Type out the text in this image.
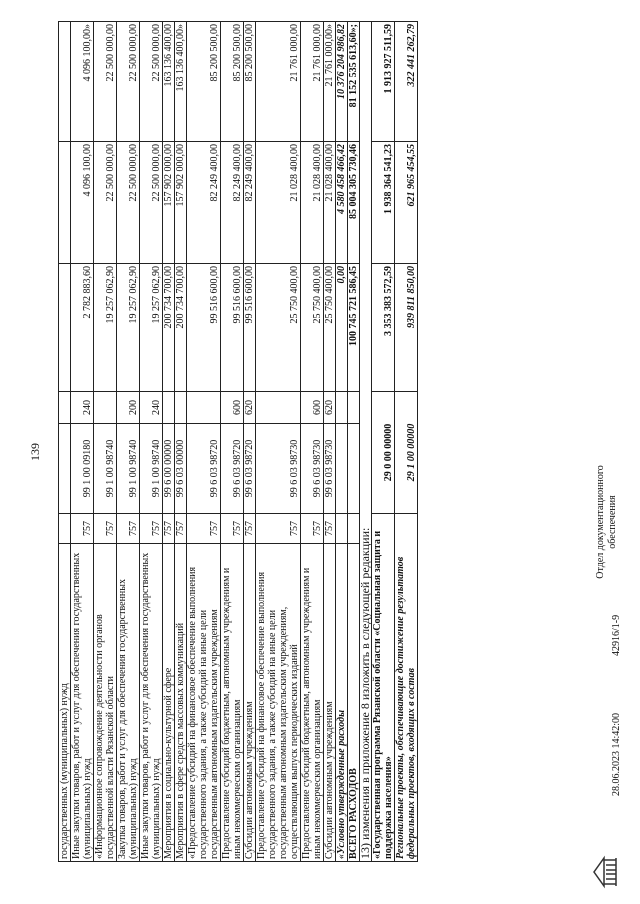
139
государственных (муниципальных) нужд						
Иные закупки товаров, работ и услуг для обеспечения государственных (муниципальных) нужд	757	99 1 00 09180	240	2 782 883,60	4 096 100,00	4 096 100,00»
«Информационное сопровождение деятельности органов государственной власти Рязанской области	757	99 1 00 98740		19 257 062,90	22 500 000,00	22 500 000,00
Закупка товаров, работ и услуг для обеспечения государственных (муниципальных) нужд	757	99 1 00 98740	200	19 257 062,90	22 500 000,00	22 500 000,00
Иные закупки товаров, работ и услуг для обеспечения государственных (муниципальных) нужд	757	99 1 00 98740	240	19 257 062,90	22 500 000,00	22 500 000,00
Мероприятия в социально-культурной сфере	757	99 6 00 00000		200 734 700,00	157 902 000,00	163 136 400,00
Мероприятия в сфере средств массовых коммуникаций	757	99 6 03 00000		200 734 700,00	157 902 000,00	163 136 400,00»
«Предоставление субсидий на финансовое обеспечение выполнения государственного задания, а также субсидий на иные цели государственным автономным издательским учреждениям	757	99 6 03 98720		99 516 600,00	82 249 400,00	85 200 500,00
Предоставление субсидий бюджетным, автономным учреждениям и иным некоммерческим организациям	757	99 6 03 98720	600	99 516 600,00	82 249 400,00	85 200 500,00
Субсидии автономным учреждениям	757	99 6 03 98720	620	99 516 600,00	82 249 400,00	85 200 500,00
Предоставление субсидий на финансовое обеспечение выполнения государственного задания, а также субсидий на иные цели государственным автономным издательским учреждениям, осуществляющим выпуск периодических изданий	757	99 6 03 98730		25 750 400,00	21 028 400,00	21 761 000,00
Предоставление субсидий бюджетным, автономным учреждениям и иным некоммерческим организациям	757	99 6 03 98730	600	25 750 400,00	21 028 400,00	21 761 000,00
Субсидии автономным учреждениям	757	99 6 03 98730	620	25 750 400,00	21 028 400,00	21 761 000,00»
«Условно утвержденные расходы				0,00	4 580 458 466,42	10 376 204 986,82
ВСЕГО РАСХОДОВ				100 745 721 586,45	85 004 305 730,46	81 152 535 613,60»;
13) изменения в приложение 8 изложить в следующей редакции:						
«Государственная программа Рязанской области «Социальная защита и поддержка населения»		29 0 00 00000		3 353 383 572,59	1 938 364 541,23	1 913 927 511,59
Региональные проекты, обеспечивающие достижение результатов федеральных проектов, входящих в состав		29 1 00 00000		939 811 850,00	621 965 454,55	322 441 262,79
28.06.2023 14:42:00
42916/1-9
Отдел документационного обеспечения
